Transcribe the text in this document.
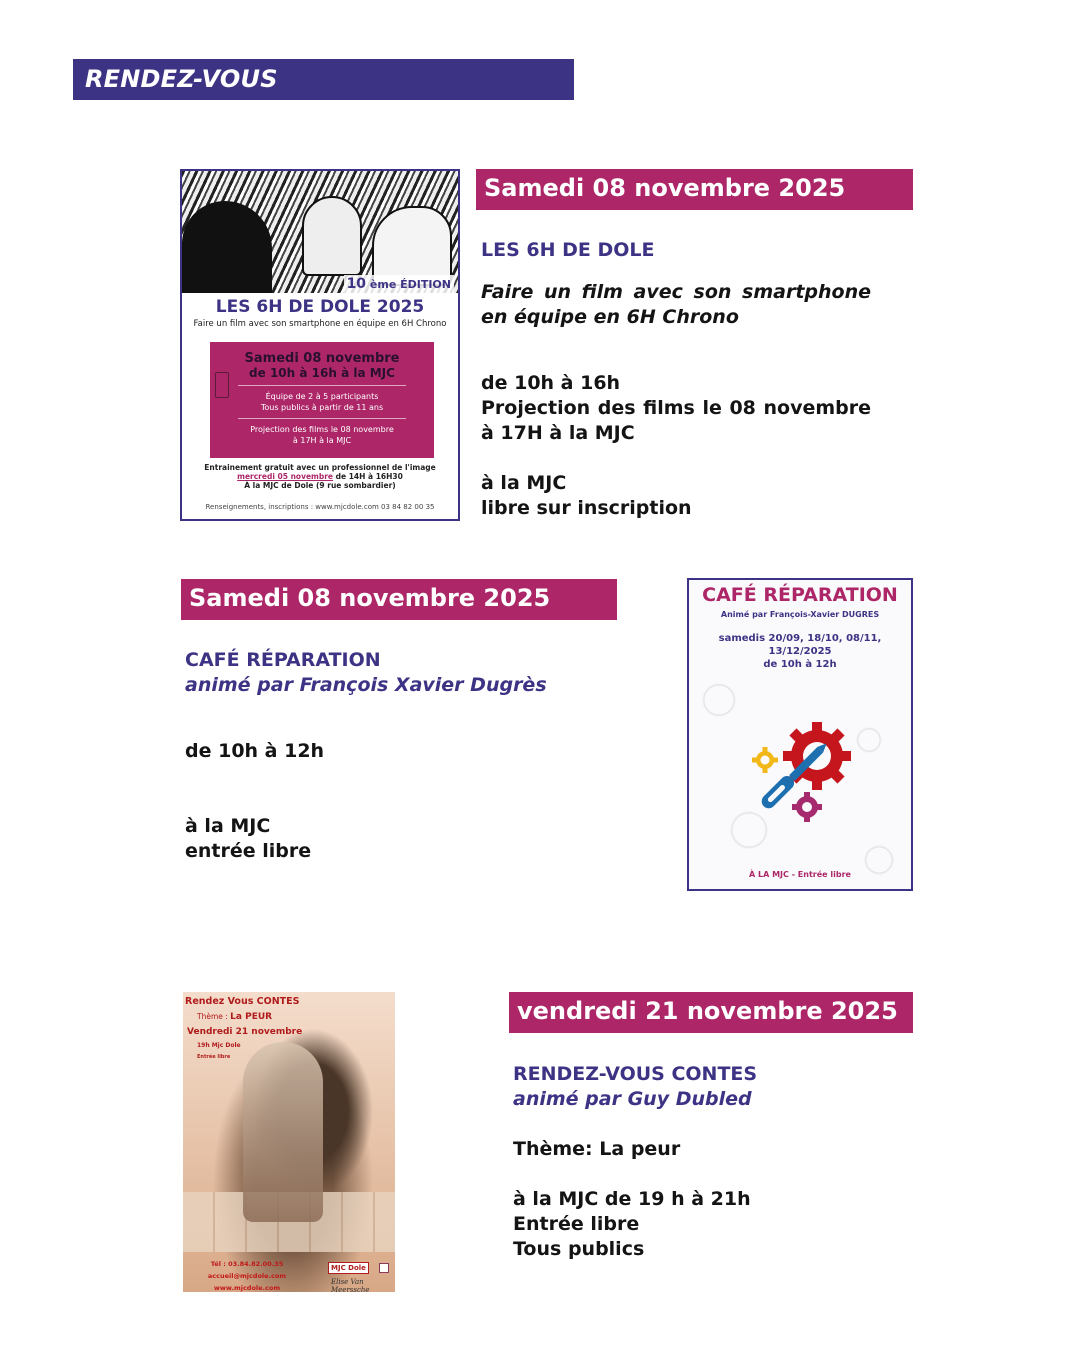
RENDEZ-VOUS
10 ème ÉDITION
LES 6H DE DOLE 2025
Faire un film avec son smartphone en équipe en 6H Chrono
Samedi 08 novembre
de 10h à 16h à la MJC
Équipe de 2 à 5 participants
Tous publics à partir de 11 ans
Projection des films le 08 novembre
à 17H à la MJC
Entrainement gratuit avec un professionnel de l'image
mercredi 05 novembre de 14H à 16H30
À la MJC de Dole (9 rue sombardier)
Renseignements, inscriptions : www.mjcdole.com 03 84 82 00 35
Samedi 08 novembre 2025
LES 6H DE DOLE
Faire un film avec son smartphone en équipe en 6H Chrono
de 10h à 16h
Projection des films le 08 novembre à 17H à la MJC

à la MJC
libre sur inscription
Samedi 08 novembre 2025
CAFÉ RÉPARATION
animé par François Xavier Dugrès
de 10h à 12h
à la MJC
entrée libre
CAFÉ RÉPARATION
Animé par François-Xavier DUGRES
samedis 20/09, 18/10, 08/11,
13/12/2025
de 10h à 12h
À LA MJC - Entrée libre
Rendez Vous CONTES
Thème : La PEUR
Vendredi 21 novembre
19h Mjc Dole
Entrée libre
Tél : 03.84.82.00.35
accueil@mjcdole.com www.mjcdole.com
MJC Dole
Elise Van Meerssche
vendredi 21 novembre 2025
RENDEZ-VOUS CONTES
animé par Guy Dubled
Thème: La peur
à la MJC de 19 h à 21h
Entrée libre
Tous publics
